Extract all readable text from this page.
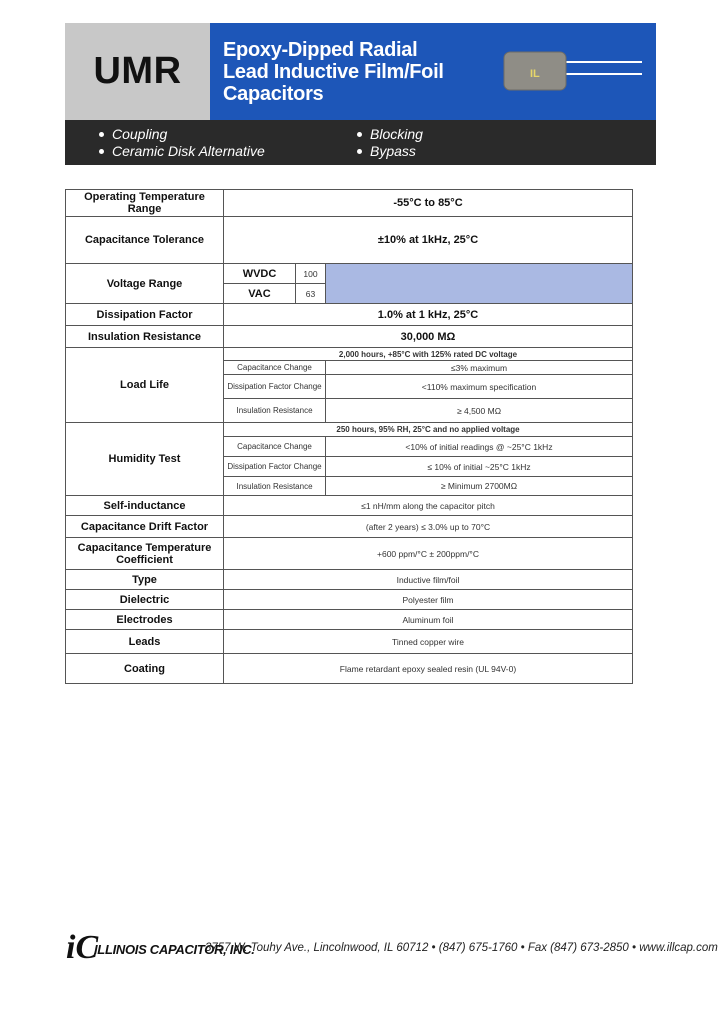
UMR Epoxy-Dipped Radial
Lead Inductive Film/Foil
Capacitors
IL
Coupling
Ceramic Disk Alternative
Blocking
Bypass
Operating Temperature Range	-55°C to 85°C		
Capacitance Tolerance	±10% at 1kHz, 25°C		
Voltage Range	WVDC	100	
	VAC	63	
Dissipation Factor	1.0% at 1 kHz, 25°C		
Insulation Resistance	30,000 MΩ		
Load Life	2,000 hours, +85°C with 125% rated DC voltage		
	Capacitance Change		≤3% maximum
	Dissipation Factor Change		<110% maximum specification
	Insulation Resistance		≥ 4,500 MΩ
Humidity Test	250 hours, 95% RH, 25°C and no applied voltage		
	Capacitance Change		<10% of initial readings @ ~25°C 1kHz
	Dissipation Factor Change		≤ 10% of initial ~25°C 1kHz
	Insulation Resistance		≥ Minimum 2700MΩ
Self-inductance	≤1 nH/mm along the capacitor pitch		
Capacitance Drift Factor	(after 2 years) ≤ 3.0% up to 70°C		
Capacitance Temperature Coefficient	+600 ppm/°C ± 200ppm/°C		
Type	Inductive film/foil		
Dielectric	Polyester film		
Electrodes	Aluminum foil		
Leads	Tinned copper wire		
Coating	Flame retardant epoxy sealed resin (UL 94V-0)		
iC
ILLINOIS CAPACITOR, INC.
3757 W. Touhy Ave., Lincolnwood, IL 60712 • (847) 675-1760 • Fax (847) 673-2850 • www.illcap.com
